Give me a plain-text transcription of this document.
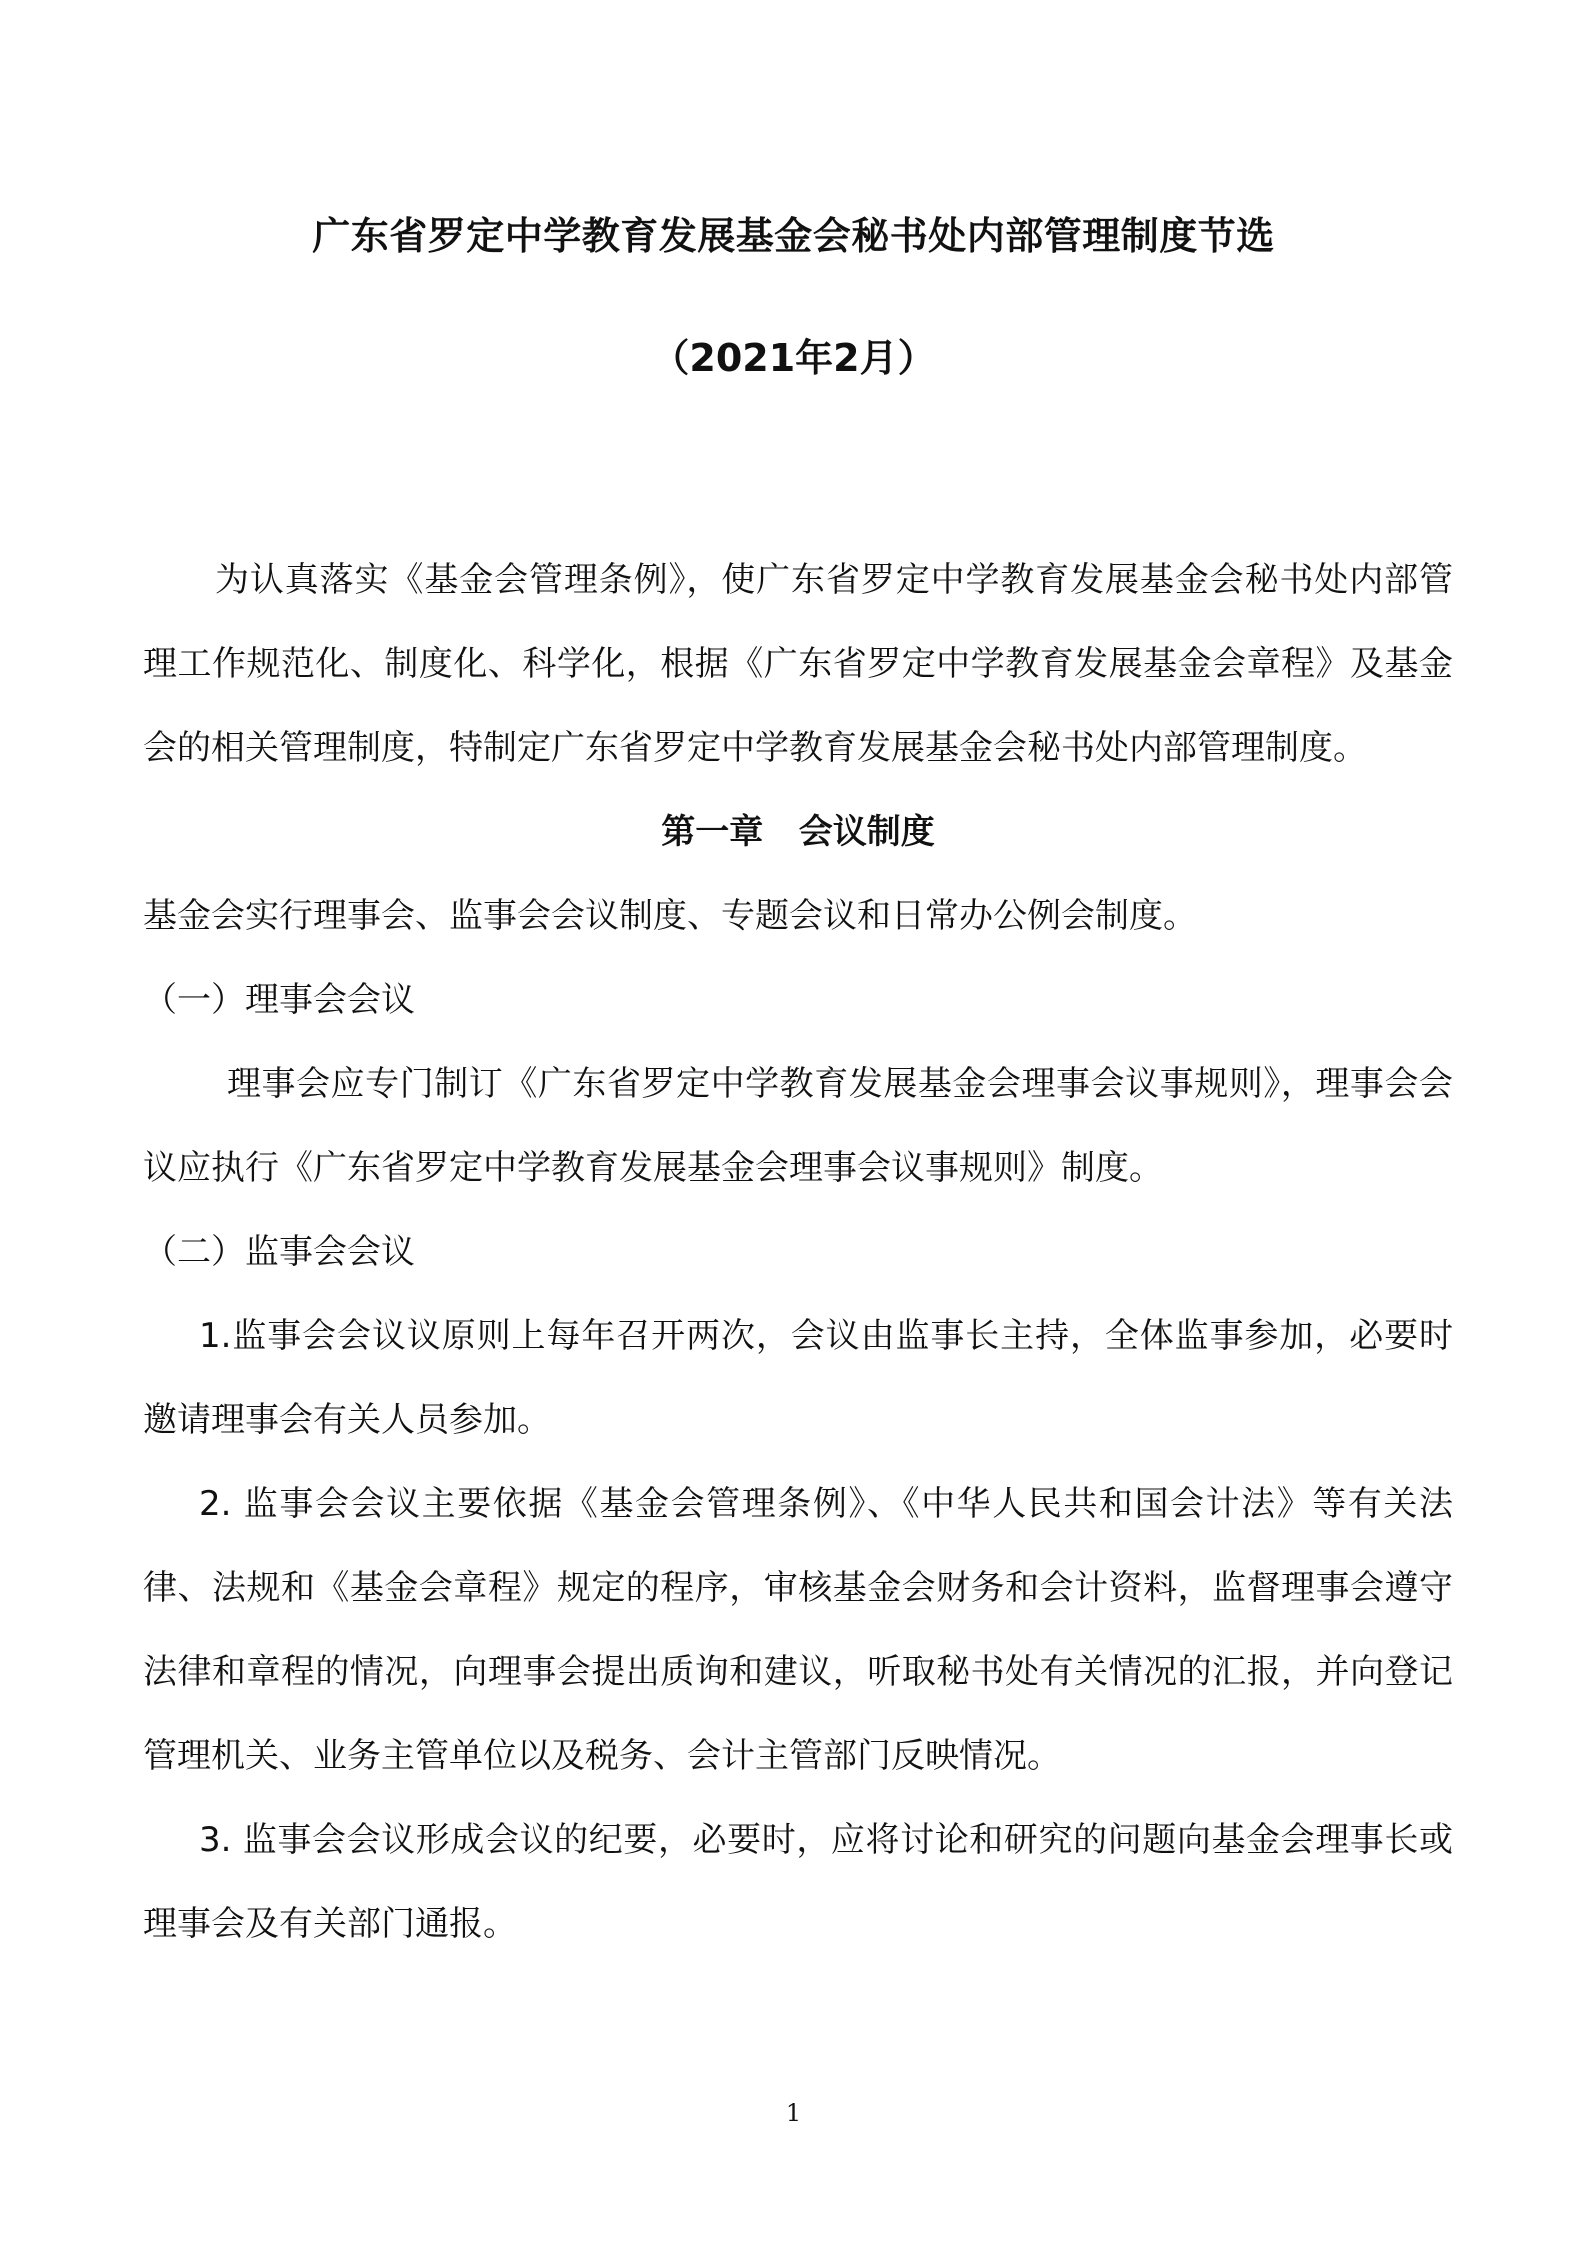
广东省罗定中学教育发展基金会秘书处内部管理制度节选
（2021年2月）

为认真落实《基金会管理条例》，使广东省罗定中学教育发展基金会秘书处内部管理工作规范化、制度化、科学化，根据《广东省罗定中学教育发展基金会章程》及基金会的相关管理制度，特制定广东省罗定中学教育发展基金会秘书处内部管理制度。

第一章   会议制度

基金会实行理事会、监事会会议制度、专题会议和日常办公例会制度。

（一）理事会会议

理事会应专门制订《广东省罗定中学教育发展基金会理事会议事规则》，理事会会议应执行《广东省罗定中学教育发展基金会理事会议事规则》制度。

（二）监事会会议

1.监事会会议议原则上每年召开两次，会议由监事长主持，全体监事参加，必要时邀请理事会有关人员参加。

2. 监事会会议主要依据《基金会管理条例》、《中华人民共和国会计法》等有关法律、法规和《基金会章程》规定的程序，审核基金会财务和会计资料，监督理事会遵守法律和章程的情况，向理事会提出质询和建议，听取秘书处有关情况的汇报，并向登记管理机关、业务主管单位以及税务、会计主管部门反映情况。

3. 监事会会议形成会议的纪要，必要时，应将讨论和研究的问题向基金会理事长或理事会及有关部门通报。

1
